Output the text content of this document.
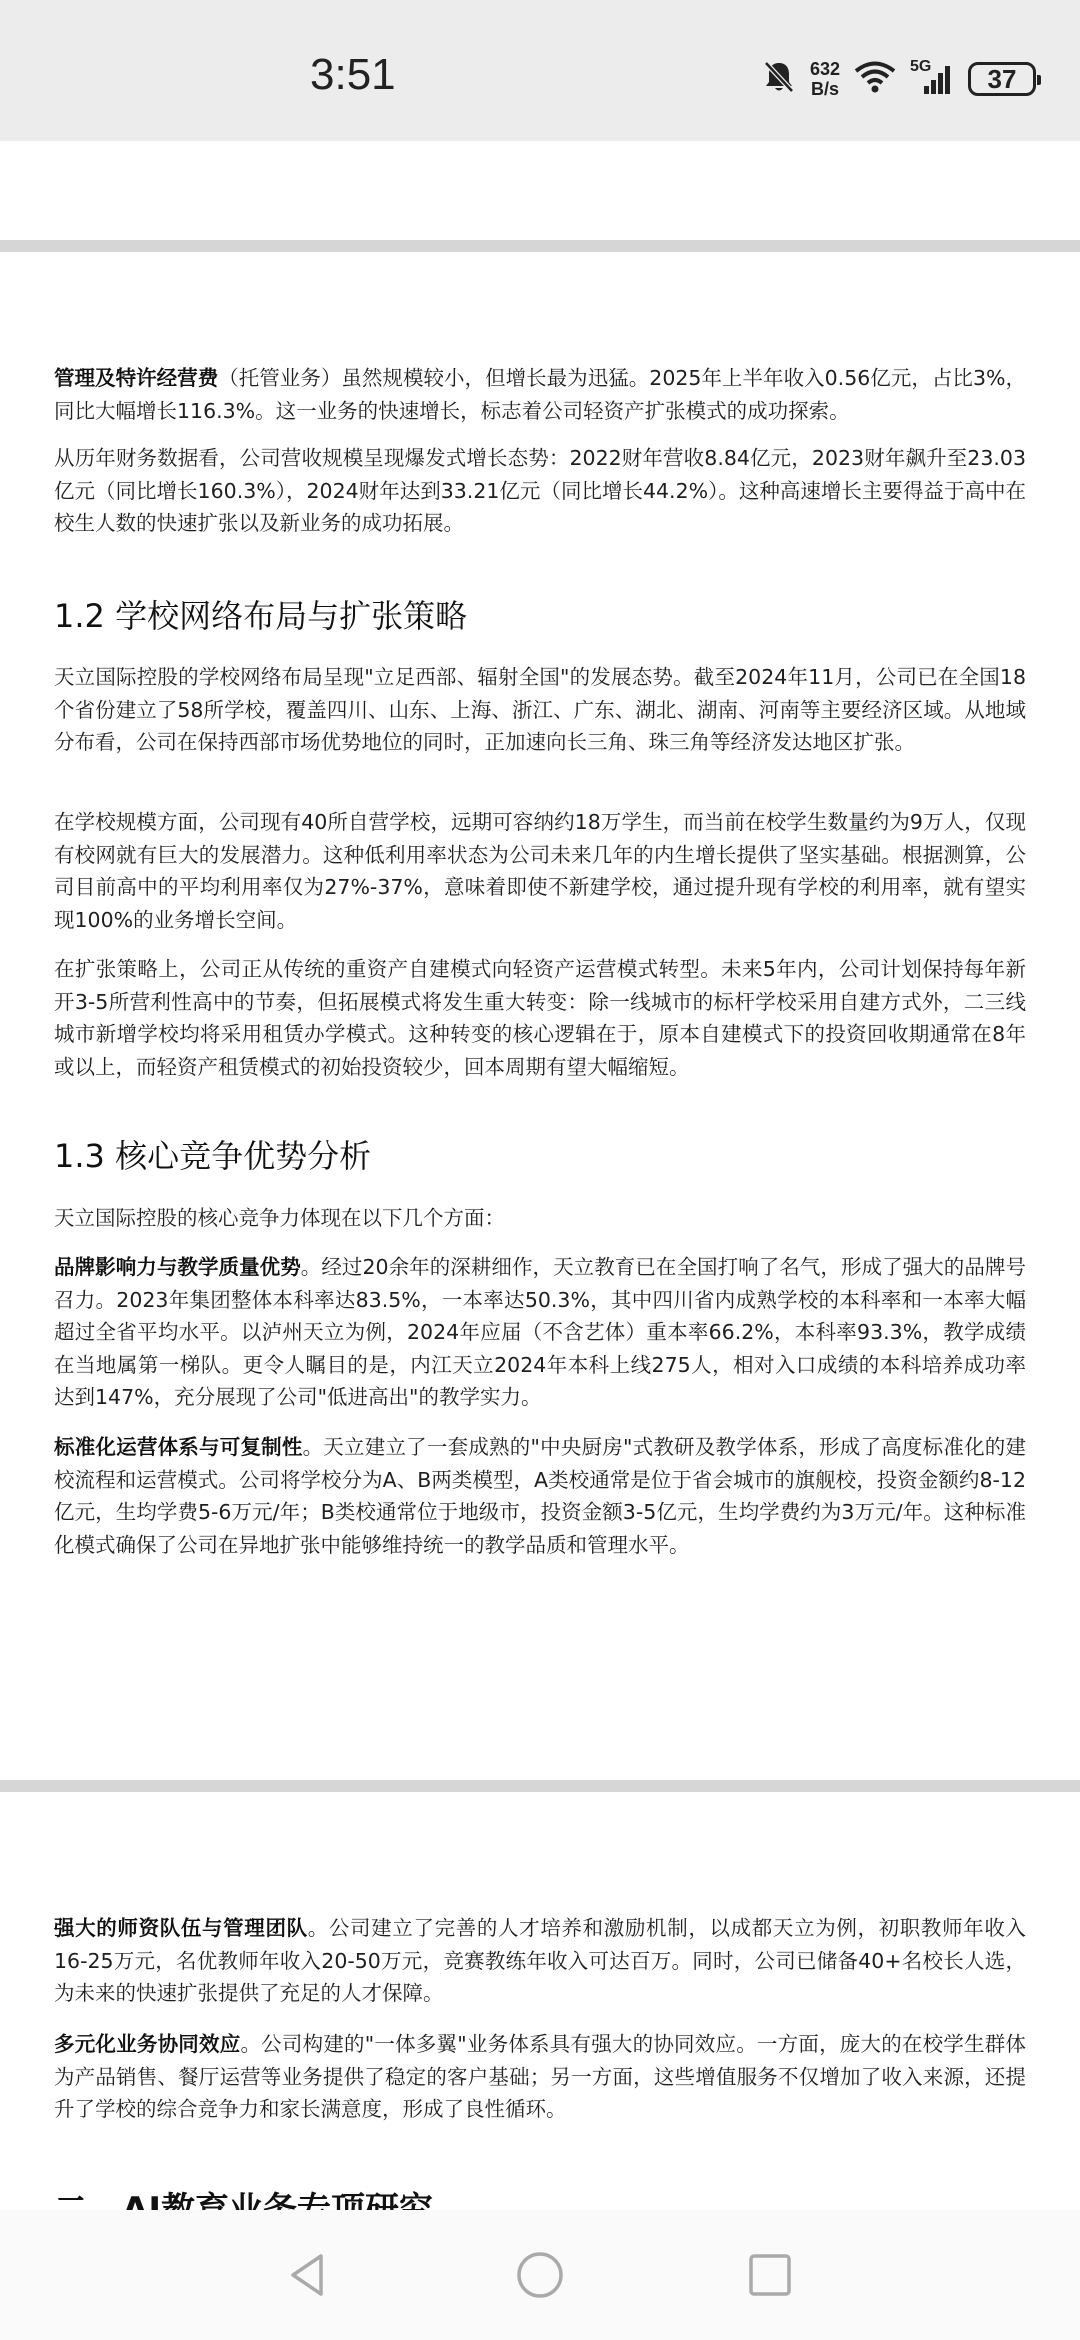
3:51	632
B/s
5G 37

管理及特许经营费（托管业务）虽然规模较小，但增长最为迅猛。2025年上半年收入0.56亿元，占比3%，同比大幅增长116.3%。这一业务的快速增长，标志着公司轻资产扩张模式的成功探索。

从历年财务数据看，公司营收规模呈现爆发式增长态势：2022财年营收8.84亿元，2023财年飙升至23.03亿元（同比增长160.3%），2024财年达到33.21亿元（同比增长44.2%）。这种高速增长主要得益于高中在校生人数的快速扩张以及新业务的成功拓展。

1.2 学校网络布局与扩张策略

天立国际控股的学校网络布局呈现"立足西部、辐射全国"的发展态势。截至2024年11月，公司已在全国18个省份建立了58所学校，覆盖四川、山东、上海、浙江、广东、湖北、湖南、河南等主要经济区域。从地域分布看，公司在保持西部市场优势地位的同时，正加速向长三角、珠三角等经济发达地区扩张。

在学校规模方面，公司现有40所自营学校，远期可容纳约18万学生，而当前在校学生数量约为9万人，仅现有校网就有巨大的发展潜力。这种低利用率状态为公司未来几年的内生增长提供了坚实基础。根据测算，公司目前高中的平均利用率仅为27%-37%，意味着即使不新建学校，通过提升现有学校的利用率，就有望实现100%的业务增长空间。

在扩张策略上，公司正从传统的重资产自建模式向轻资产运营模式转型。未来5年内，公司计划保持每年新开3-5所营利性高中的节奏，但拓展模式将发生重大转变：除一线城市的标杆学校采用自建方式外，二三线城市新增学校均将采用租赁办学模式。这种转变的核心逻辑在于，原本自建模式下的投资回收期通常在8年或以上，而轻资产租赁模式的初始投资较少，回本周期有望大幅缩短。

1.3 核心竞争优势分析

天立国际控股的核心竞争力体现在以下几个方面：

品牌影响力与教学质量优势。经过20余年的深耕细作，天立教育已在全国打响了名气，形成了强大的品牌号召力。2023年集团整体本科率达83.5%，一本率达50.3%，其中四川省内成熟学校的本科率和一本率大幅超过全省平均水平。以泸州天立为例，2024年应届（不含艺体）重本率66.2%，本科率93.3%，教学成绩在当地属第一梯队。更令人瞩目的是，内江天立2024年本科上线275人，相对入口成绩的本科培养成功率达到147%，充分展现了公司"低进高出"的教学实力。

标准化运营体系与可复制性。天立建立了一套成熟的"中央厨房"式教研及教学体系，形成了高度标准化的建校流程和运营模式。公司将学校分为A、B两类模型，A类校通常是位于省会城市的旗舰校，投资金额约8-12亿元，生均学费5-6万元/年；B类校通常位于地级市，投资金额3-5亿元，生均学费约为3万元/年。这种标准化模式确保了公司在异地扩张中能够维持统一的教学品质和管理水平。

强大的师资队伍与管理团队。公司建立了完善的人才培养和激励机制，以成都天立为例，初职教师年收入16-25万元，名优教师年收入20-50万元，竞赛教练年收入可达百万。同时，公司已储备40+名校长人选，为未来的快速扩张提供了充足的人才保障。

多元化业务协同效应。公司构建的"一体多翼"业务体系具有强大的协同效应。一方面，庞大的在校学生群体为产品销售、餐厅运营等业务提供了稳定的客户基础；另一方面，这些增值服务不仅增加了收入来源，还提升了学校的综合竞争力和家长满意度，形成了良性循环。
